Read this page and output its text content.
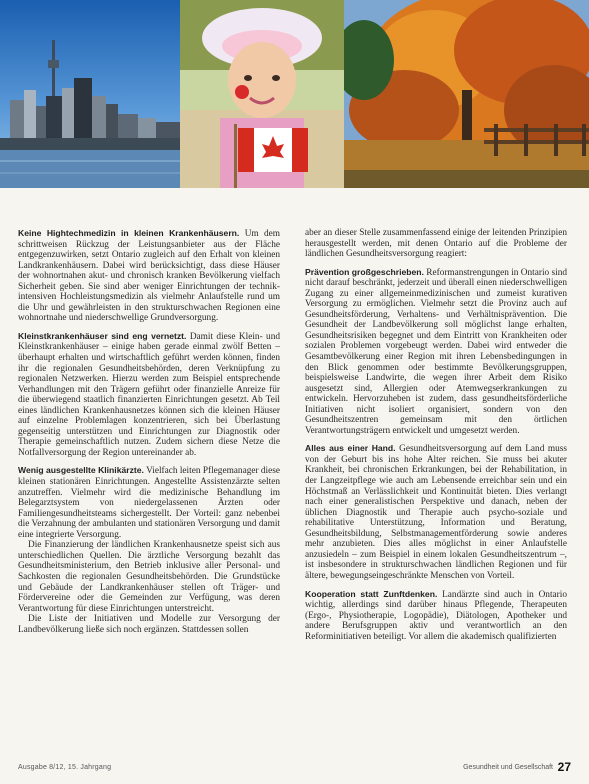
Keine Hightechmedizin in kleinen Krankenhäusern. Um dem schrittweisen Rückzug der Leistungsanbieter aus der Fläche entgegenzuwirken, setzt Ontario zugleich auf den Erhalt von kleinen Landkrankenhäusern. Dabei wird berücksichtigt, dass diese Häuser der wohnortnahen akut- und chronisch kranken Bevölkerung vielfach Sicherheit geben. Sie sind aber weniger Einrichtungen der technik-intensiven Hochleistungsmedizin als vielmehr Anlaufstelle rund um die Uhr und gewährleisten in den strukturschwachen Regionen eine wohnortnahe und niederschwellige Grundversorgung.

Kleinstkrankenhäuser sind eng vernetzt. Damit diese Klein- und Kleinstkrankenhäuser – einige haben gerade einmal zwölf Betten – überhaupt erhalten und wirtschaftlich geführt werden können, finden ihr die regionalen Gesundheitsbehörden, deren Verknüpfung zu regionalen Netzwerken. Hierzu werden zum Beispiel entsprechende Verhandlungen mit den Trägern geführt oder finanzielle Anreize für die überwiegend staatlich finanzierten Einrichtungen gesetzt. Ab Teil eines ländlichen Krankenhausnetzes können sich die kleinen Häuser auf einzelne Problemlagen konzentrieren, sich bei Überlastung gegenseitig unterstützen und Einrichtungen zur Diagnostik oder Therapie gemeinschaftlich nutzen. Zudem sichern diese Netze die Notfallversorgung der Region untereinander ab.

Wenig ausgestellte Klinikärzte. Vielfach leiten Pflegemanager diese kleinen stationären Einrichtungen. Angestellte Assistenzärzte selten anzutreffen. Vielmehr wird die medizinische Behandlung im Belegarztsystem von niedergelassenen Ärzten oder Familiengesundheitsteams sichergestellt. Der Vorteil: ganz nebenbei die Verzahnung der ambulanten und stationären Versorgung und damit eine integrierte Versorgung.

Die Finanzierung der ländlichen Krankenhausnetze speist sich aus unterschiedlichen Quellen. Die ärztliche Versorgung bezahlt das Gesundheitsministerium, den Betrieb inklusive aller Personal- und Sachkosten die regionalen Gesundheitsbehörden. Die Grundstücke und Gebäude der Landkrankenhäuser stellen oft Träger- und Fördervereine oder die Gemeinden zur Verfügung, was deren Verantwortung für diese Einrichtungen unterstreicht.

Die Liste der Initiativen und Modelle zur Versorgung der Landbevölkerung ließe sich noch ergänzen. Stattdessen sollen

aber an dieser Stelle zusammenfassend einige der leitenden Prinzipien herausgestellt werden, mit denen Ontario auf die Probleme der ländlichen Gesundheitsversorgung reagiert:

Prävention großgeschrieben. Reformanstrengungen in Ontario sind nicht darauf beschränkt, jederzeit und überall einen niederschwelligen Zugang zu einer allgemeinmedizinischen und zumeist kurativen Versorgung zu ermöglichen. Vielmehr setzt die Provinz auch auf Gesundheitsförderung, Verhaltens- und Verhältnisprävention. Die Gesundheit der Landbevölkerung soll möglichst lange erhalten, Gesundheitsrisiken begegnet und dem Eintritt von Krankheiten oder sozialen Problemen vorgebeugt werden. Dabei wird entweder die Gesamtbevölkerung einer Region mit ihren Lebensbedingungen in den Blick genommen oder bestimmte Bevölkerungsgruppen, beispielsweise Landwirte, die wegen ihrer Arbeit dem Risiko ausgesetzt sind, Allergien oder Atemwegserkrankungen zu entwickeln. Hervorzuheben ist zudem, dass gesundheitsförderliche Initiativen nicht isoliert organisiert, sondern von den Gesundheitszentren gemeinsam mit den örtlichen Verantwortungsträgern entwickelt und umgesetzt werden.

Alles aus einer Hand. Gesundheitsversorgung auf dem Land muss von der Geburt bis ins hohe Alter reichen. Sie muss bei akuter Krankheit, bei chronischen Erkrankungen, bei der Rehabilitation, in der Langzeitpflege wie auch am Lebensende erreichbar sein und ein Höchstmaß an Verlässlichkeit und Kontinuität bieten. Dies verlangt nach einer generalistischen Perspektive und danach, neben der üblichen Diagnostik und Therapie auch psycho-soziale und rehabilitative Unterstützung, Information und Beratung, Gesundheitsbildung, Selbstmanagementförderung sowie anderes mehr anzubieten. Dies alles möglichst in einer Anlaufstelle anzusiedeln – zum Beispiel in einem lokalen Gesundheitszentrum –, ist insbesondere in strukturschwachen ländlichen Regionen und für ältere, bewegungseingeschränkte Menschen von Vorteil.

Kooperation statt Zunftdenken. Landärzte sind auch in Ontario wichtig, allerdings sind darüber hinaus Pflegende, Therapeuten (Ergo-, Physiotherapie, Logopädie), Diätologen, Apotheker und andere Berufsgruppen aktiv und verantwortlich an den Reforminitiativen beteiligt. Vor allem die akademisch qualifizierten

Ausgabe 8/12, 15. Jahrgang	Gesundheit und Gesellschaft 27
